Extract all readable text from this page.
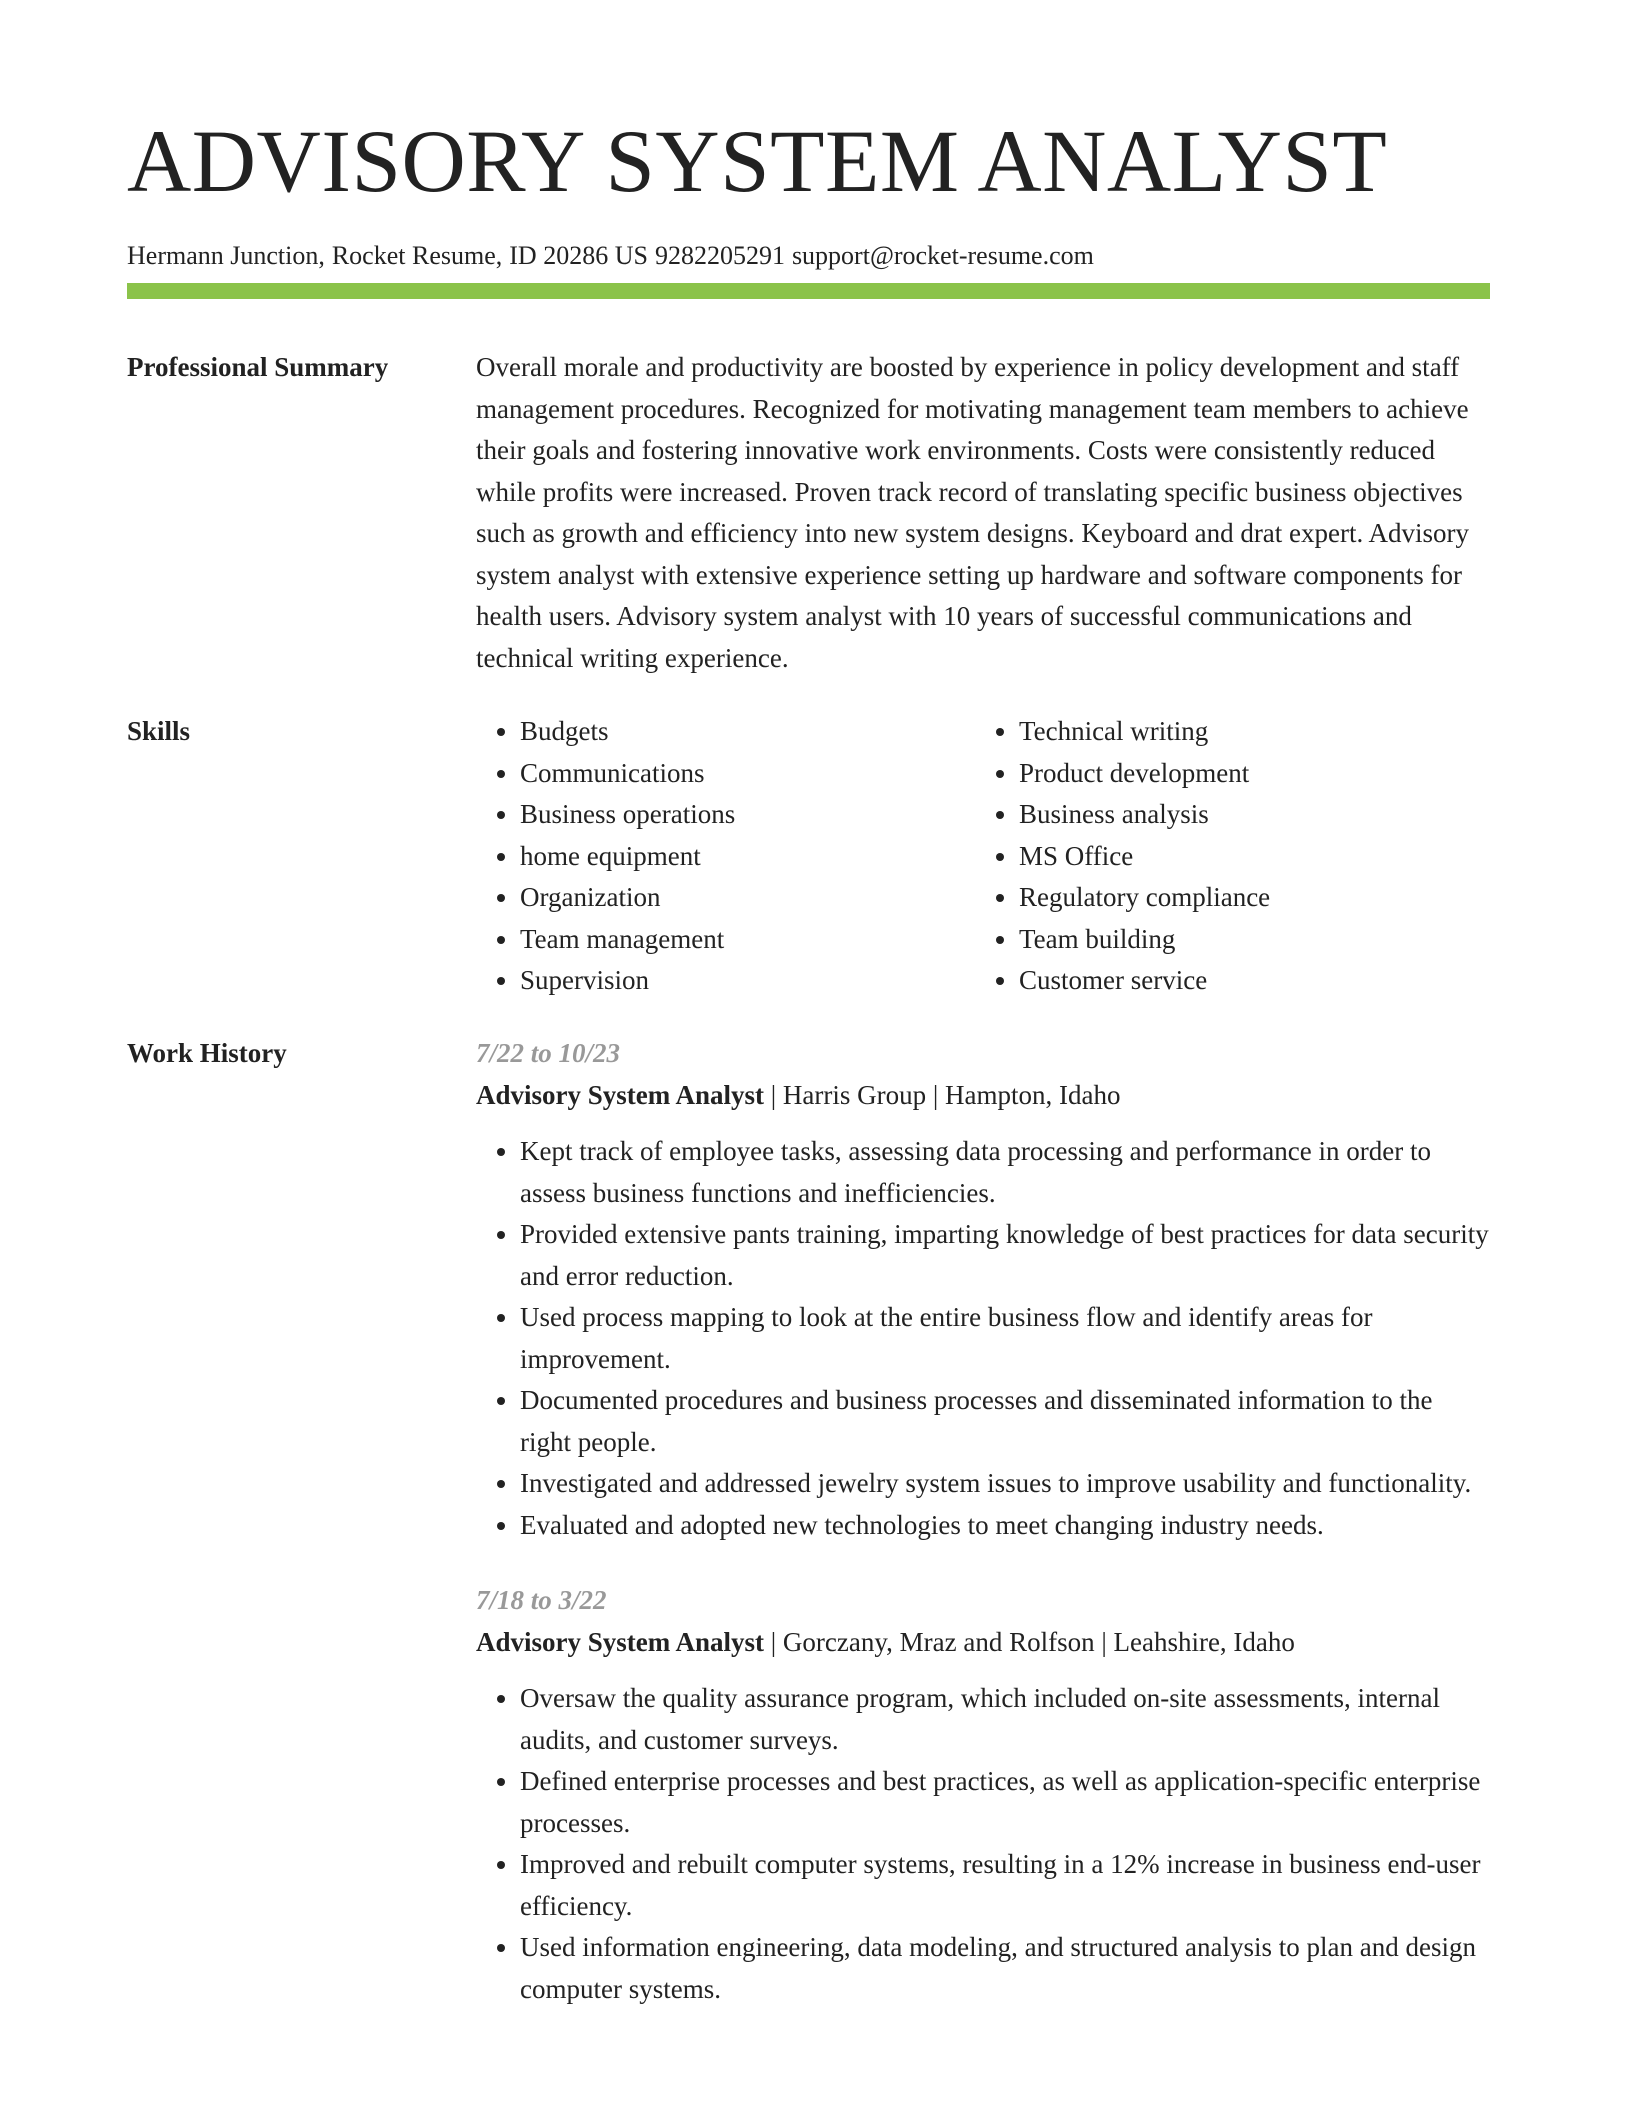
ADVISORY SYSTEM ANALYST
Hermann Junction, Rocket Resume, ID 20286 US 9282205291 support@rocket-resume.com
Professional Summary	Overall morale and productivity are boosted by experience in policy development and staff management procedures. Recognized for motivating management team members to achieve their goals and fostering innovative work environments. Costs were consistently reduced while profits were increased. Proven track record of translating specific business objectives such as growth and efficiency into new system designs. Keyboard and drat expert. Advisory system analyst with extensive experience setting up hardware and software components for health users. Advisory system analyst with 10 years of successful communications and technical writing experience.

Skills
•	Budgets
• Communications
• Business operations
• home equipment
• Organization
• Team management
• Supervision
• Technical writing
• Product development
• Business analysis
• MS Office
• Regulatory compliance
• Team building
• Customer service
Work History	7/22 to 10/23
Advisory System Analyst | Harris Group | Hampton, Idaho
• Kept track of employee tasks, assessing data processing and performance in order to assess business functions and inefficiencies.
• Provided extensive pants training, imparting knowledge of best practices for data security and error reduction.
• Used process mapping to look at the entire business flow and identify areas for improvement.
• Documented procedures and business processes and disseminated information to the right people.
• Investigated and addressed jewelry system issues to improve usability and functionality.
• Evaluated and adopted new technologies to meet changing industry needs.
7/18 to 3/22
Advisory System Analyst | Gorczany, Mraz and Rolfson | Leahshire, Idaho
• Oversaw the quality assurance program, which included on-site assessments, internal audits, and customer surveys.
• Defined enterprise processes and best practices, as well as application-specific enterprise processes.
• Improved and rebuilt computer systems, resulting in a 12% increase in business end-user efficiency.
• Used information engineering, data modeling, and structured analysis to plan and design computer systems.
